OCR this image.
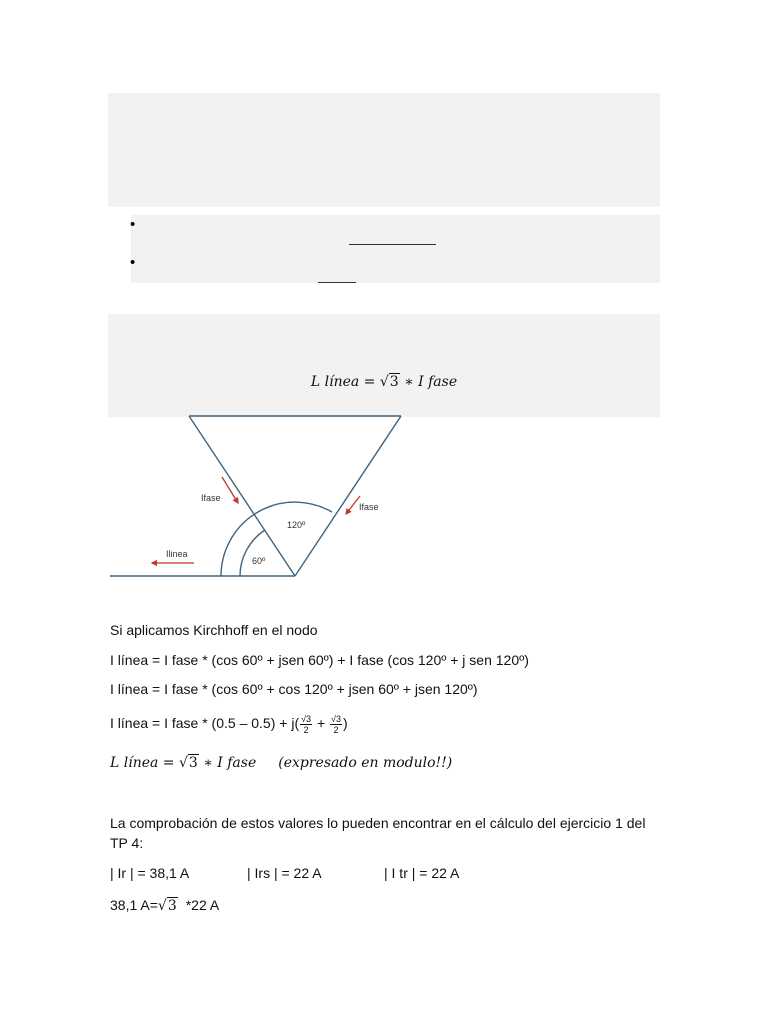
•
•
L línea = √3 ∗ I fase
Ifase
Ifase
Ilinea
120º
60º
Si aplicamos Kirchhoff en el nodo
I línea = I fase * (cos 60º + jsen 60º) + I fase (cos 120º + j sen 120º)
I línea = I fase * (cos 60º + cos 120º + jsen 60º + jsen 120º)
I línea = I fase * $(0.5 - 0.5) + j( \frac{√3}{2} + \frac{√3}{2}$ )
L línea = √3 ∗ I fase (expresado en modulo!!)
La comprobación de estos valores lo pueden encontrar en el cálculo del ejercicio 1 del TP 4:
| Ir | = 38,1 A	| Irs | = 22 A	| I tr | = 22 A
38,1 A=√3 *22 A
